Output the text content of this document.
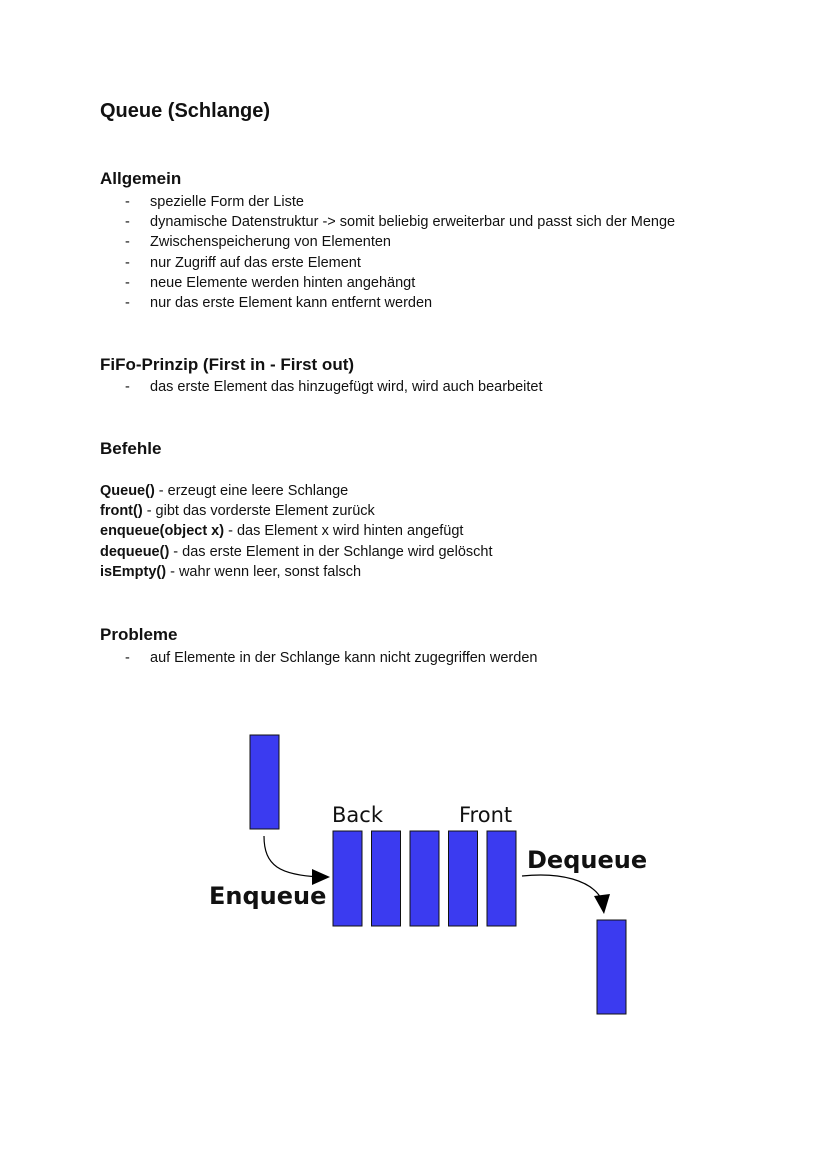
Queue (Schlange)
Allgemein
- spezielle Form der Liste
- dynamische Datenstruktur -> somit beliebig erweiterbar und passt sich der Menge
- Zwischenspeicherung von Elementen
- nur Zugriff auf das erste Element
- neue Elemente werden hinten angehängt
- nur das erste Element kann entfernt werden
FiFo-Prinzip (First in - First out)
- das erste Element das hinzugefügt wird, wird auch bearbeitet
Befehle
Queue() - erzeugt eine leere Schlange
front() - gibt das vorderste Element zurück
enqueue(object x) - das Element x wird hinten angefügt
dequeue() - das erste Element in der Schlange wird gelöscht
isEmpty() - wahr wenn leer, sonst falsch
Probleme
- auf Elemente in der Schlange kann nicht zugegriffen werden
Back	Front
Enqueue
Dequeue
